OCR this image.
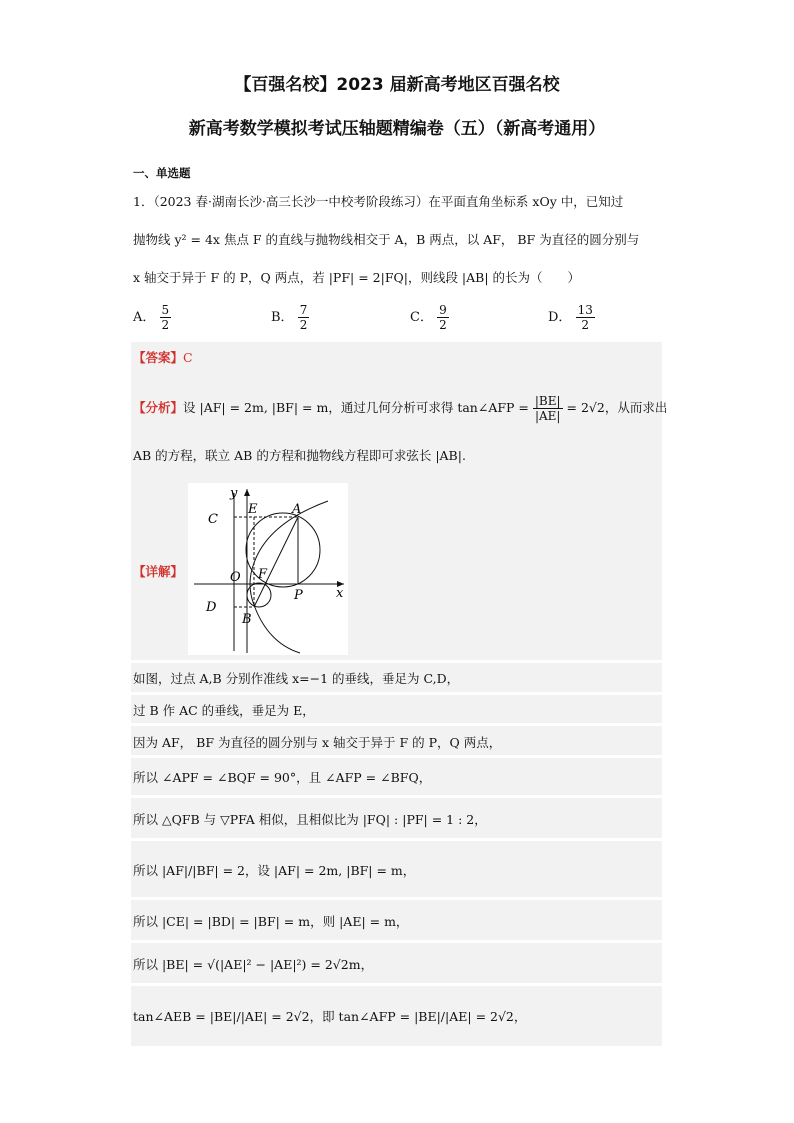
【百强名校】2023 届新高考地区百强名校
新高考数学模拟考试压轴题精编卷（五）（新高考通用）
一、单选题
1．（2023 春·湖南长沙·高三长沙一中校考阶段练习）在平面直角坐标系 xOy 中，已知过
抛物线 y² = 4x 焦点 F 的直线与抛物线相交于 A，B 两点，以 AF， BF 为直径的圆分别与
x 轴交于异于 F 的 P，Q 两点，若 |PF| = 2|FQ|，则线段 |AB| 的长为（　　）
A． $\frac{5}{2}$	B． $\frac{7}{2}$	C． $\frac{9}{2}$	D． $\frac{13}{2}$
【答案】C
【分析】设 |AF| = 2m, |BF| = m，通过几何分析可求得 tan∠AFP = $\frac{|BE|}{|AE|} = 2√2$，从而求出
AB 的方程，联立 AB 的方程和抛物线方程即可求弦长 |AB|.
【详解】
y
x
C
E	A
O F
P
D
B
如图，过点 A,B 分别作准线 x=−1 的垂线，垂足为 C,D，
过 B 作 AC 的垂线，垂足为 E，
因为 AF， BF 为直径的圆分别与 x 轴交于异于 F 的 P，Q 两点，
所以 ∠APF = ∠BQF = 90°，且 ∠AFP = ∠BFQ，
所以 △QFB 与 ▽PFA 相似，且相似比为 |FQ| : |PF| = 1 : 2，
所以 |AF|/|BF| = 2，设 |AF| = 2m, |BF| = m，
所以 |CE| = |BD| = |BF| = m，则 |AE| = m，
所以 |BE| = √(|AE|² − |AE|²) = 2√2m，
tan∠AEB = |BE|/|AE| = 2√2，即 tan∠AFP = |BE|/|AE| = 2√2，
